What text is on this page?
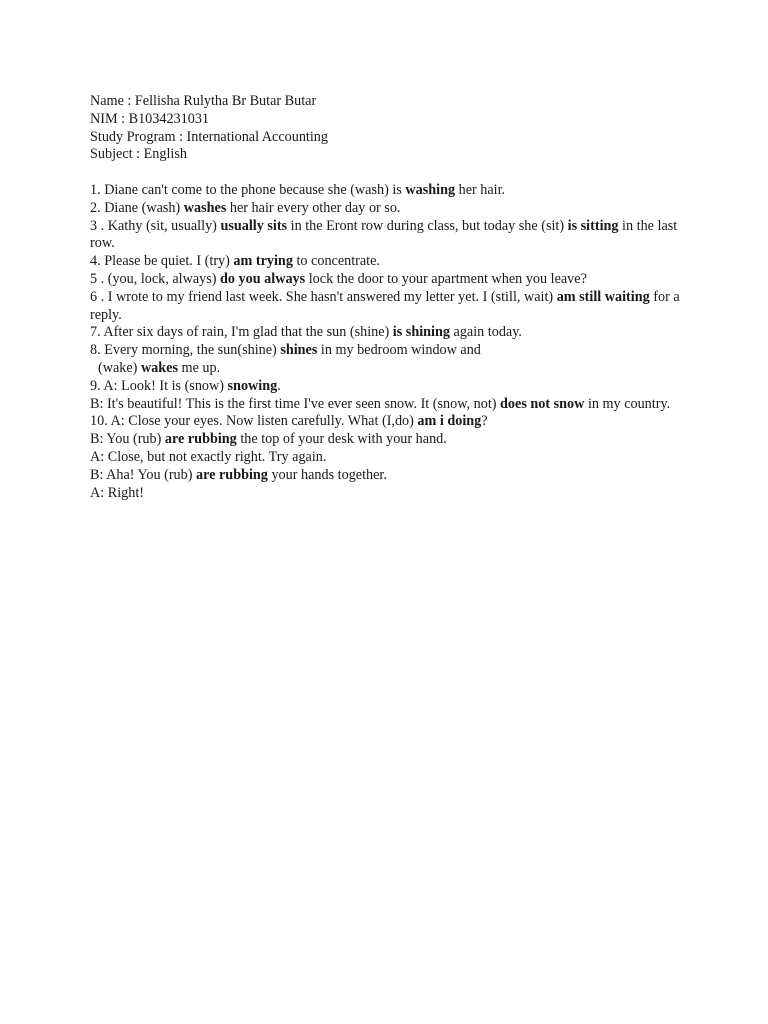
Name : Fellisha Rulytha Br Butar Butar
NIM : B1034231031
Study Program : International Accounting
Subject : English
1. Diane can't come to the phone because she (wash) is washing her hair.
2. Diane (wash) washes her hair every other day or so.
3 . Kathy (sit, usually) usually sits in the Eront row during class, but today she (sit) is sitting in the last row.
4. Please be quiet. I (try) am trying to concentrate.
5 . (you, lock, always) do you always lock the door to your apartment when you leave?
6 . I wrote to my friend last week. She hasn't answered my letter yet. I (still, wait) am still waiting for a reply.
7. After six days of rain, I'm glad that the sun (shine) is shining again today.
8. Every morning, the sun(shine) shines in my bedroom window and
(wake) wakes me up.
9. A: Look! It is (snow) snowing.
B: It's beautiful! This is the first time I've ever seen snow. It (snow, not) does not snow in my country.
10. A: Close your eyes. Now listen carefully. What (I,do) am i doing?
B: You (rub) are rubbing the top of your desk with your hand.
A: Close, but not exactly right. Try again.
B: Aha! You (rub) are rubbing your hands together.
A: Right!
